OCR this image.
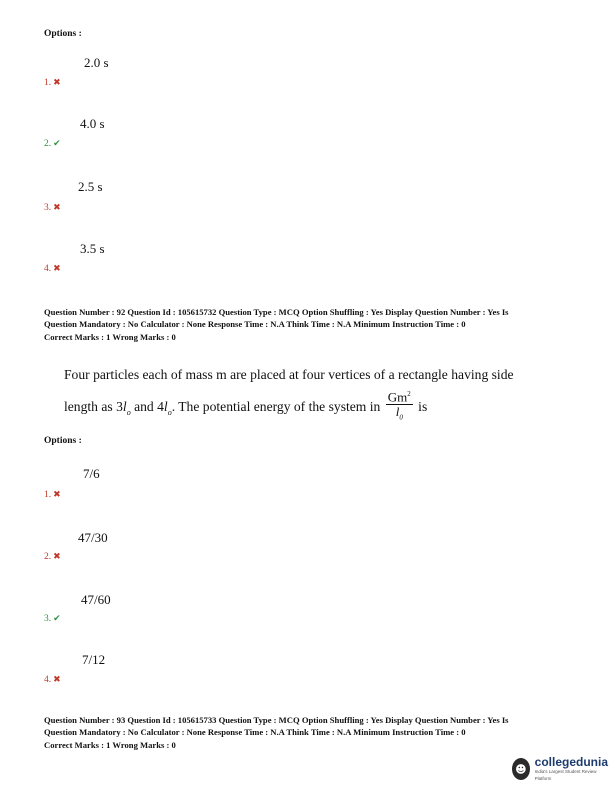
Options :
2.0 s
1. ✖
4.0 s
2. ✔
2.5 s
3. ✖
3.5 s
4. ✖
Question Number : 92 Question Id : 105615732 Question Type : MCQ Option Shuffling : Yes Display Question Number : Yes Is
Question Mandatory : No Calculator : None Response Time : N.A Think Time : N.A Minimum Instruction Time : 0
Correct Marks : 1 Wrong Marks : 0
Four particles each of mass m are placed at four vertices of a rectangle having side
length as $3l_o$ and $4l_o$. The potential energy of the system in $\frac{Gm^2}{l_0}$ is
Options :
7/6
1. ✖
47/30
2. ✖
47/60
3. ✔
7/12
4. ✖
Question Number : 93 Question Id : 105615733 Question Type : MCQ Option Shuffling : Yes Display Question Number : Yes Is
Question Mandatory : No Calculator : None Response Time : N.A Think Time : N.A Minimum Instruction Time : 0
Correct Marks : 1 Wrong Marks : 0
☻ collegedunia
India's Largest Student Review Platform
